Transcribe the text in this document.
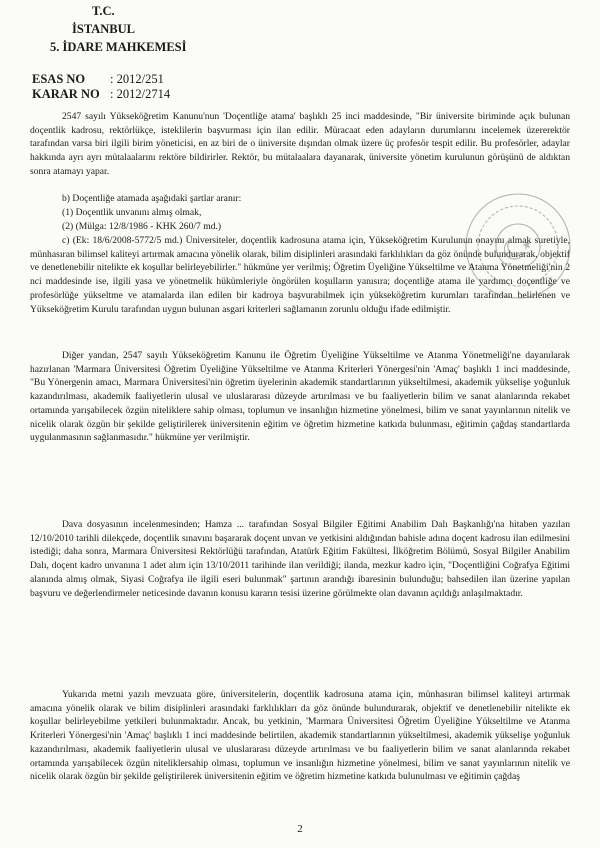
T.C.
İSTANBUL
5. İDARE MAHKEMESİ
ESAS NO : 2012/251
KARAR NO : 2012/2714

2547 sayılı Yükseköğretim Kanunu'nun 'Doçentliğe atama' başlıklı 25 inci maddesinde, "Bir üniversite biriminde açık bulunan doçentlik kadrosu, rektörlükçe, isteklilerin başvurması için ilan edilir. Müracaat eden adayların durumlarını incelemek üzererektör tarafından varsa biri ilgili birim yöneticisi, en az biri de o üniversite dışından olmak üzere üç profesör tespit edilir. Bu profesörler, adaylar hakkında ayrı ayrı mütalaalarını rektöre bildirirler. Rektör, bu mütalaalara dayanarak, üniversite yönetim kurulunun görüşünü de aldıktan sonra atamayı yapar.

b) Doçentliğe atamada aşağıdaki şartlar aranır:
(1) Doçentlik unvanını almış olmak,
(2) (Mülga: 12/8/1986 - KHK 260/7 md.)

c) (Ek: 18/6/2008-5772/5 md.) Üniversiteler, doçentlik kadrosuna atama için, Yükseköğretim Kurulunun onayını almak suretiyle, münhasıran bilimsel kaliteyi artırmak amacına yönelik olarak, bilim disiplinleri arasındaki farklılıkları da göz önünde bulundurarak, objektif ve denetlenebilir nitelikte ek koşullar belirleyebilirler." hükmüne yer verilmiş; Öğretim Üyeliğine Yükseltilme ve Atanma Yönetmeliği'nin 2 nci maddesinde ise, ilgili yasa ve yönetmelik hükümleriyle öngörülen koşulların yanısıra; doçentliğe atama ile yardımcı doçentliğe ve profesörlüğe yükseltme ve atamalarda ilan edilen bir kadroya başvurabilmek için yükseköğretim kurumları tarafından belirlenen ve Yükseköğretim Kurulu tarafından uygun bulunan asgari kriterleri sağlamanın zorunlu olduğu ifade edilmiştir.

Diğer yandan, 2547 sayılı Yükseköğretim Kanunu ile Öğretim Üyeliğine Yükseltilme ve Atanma Yönetmeliği'ne dayanılarak hazırlanan 'Marmara Üniversitesi Öğretim Üyeliğine Yükseltilme ve Atanma Kriterleri Yönergesi'nin 'Amaç' başlıklı 1 inci maddesinde, "Bu Yönergenin amacı, Marmara Üniversitesi'nin öğretim üyelerinin akademik standartlarının yükseltilmesi, akademik yükselişe yoğunluk kazandırılması, akademik faaliyetlerin ulusal ve uluslararası düzeyde artırılması ve bu faaliyetlerin bilim ve sanat alanlarında rekabet ortamında yarışabilecek özgün niteliklere sahip olması, toplumun ve insanlığın hizmetine yönelmesi, bilim ve sanat yayınlarının nitelik ve nicelik olarak özgün bir şekilde geliştirilerek üniversitenin eğitim ve öğretim hizmetine katkıda bulunması, eğitimin çağdaş standartlarda uygulanmasının sağlanmasıdır." hükmüne yer verilmiştir.

Dava dosyasının incelenmesinden; Hamza ... tarafından Sosyal Bilgiler Eğitimi Anabilim Dalı Başkanlığı'na hitaben yazılan 12/10/2010 tarihli dilekçede, doçentlik sınavını başararak doçent unvan ve yetkisini aldığından bahisle adına doçent kadrosu ilan edilmesini istediği; daha sonra, Marmara Üniversitesi Rektörlüğü tarafından, Atatürk Eğitim Fakültesi, İlköğretim Bölümü, Sosyal Bilgiler Anabilim Dalı, doçent kadro unvanına 1 adet alım için 13/10/2011 tarihinde ilan verildiği; ilanda, mezkur kadro için, "Doçentliğini Coğrafya Eğitimi alanında almış olmak, Siyasi Coğrafya ile ilgili eseri bulunmak" şartının arandığı ibaresinin bulunduğu; bahsedilen ilan üzerine yapılan başvuru ve değerlendirmeler neticesinde davanın konusu kararın tesisi üzerine görülmekte olan davanın açıldığı anlaşılmaktadır.

Yukarıda metni yazılı mevzuata göre, üniversitelerin, doçentlik kadrosuna atama için, münhasıran bilimsel kaliteyi artırmak amacına yönelik olarak ve bilim disiplinleri arasındaki farklılıkları da göz önünde bulundurarak, objektif ve denetlenebilir nitelikte ek koşullar belirleyebilme yetkileri bulunmaktadır. Ancak, bu yetkinin, 'Marmara Üniversitesi Öğretim Üyeliğine Yükseltilme ve Atanma Kriterleri Yönergesi'nin 'Amaç' başlıklı 1 inci maddesinde belirtilen, akademik standartlarının yükseltilmesi, akademik yükselişe yoğunluk kazandırılması, akademik faaliyetlerin ulusal ve uluslararası düzeyde artırılması ve bu faaliyetlerin bilim ve sanat alanlarında rekabet ortamında yarışabilecek özgün niteliklersahip olması, toplumun ve insanlığın hizmetine yönelmesi, bilim ve sanat yayınlarının nitelik ve nicelik olarak özgün bir şekilde geliştirilerek üniversitenin eğitim ve öğretim hizmetine katkıda bulunulması ve eğitimin çağdaş

2
